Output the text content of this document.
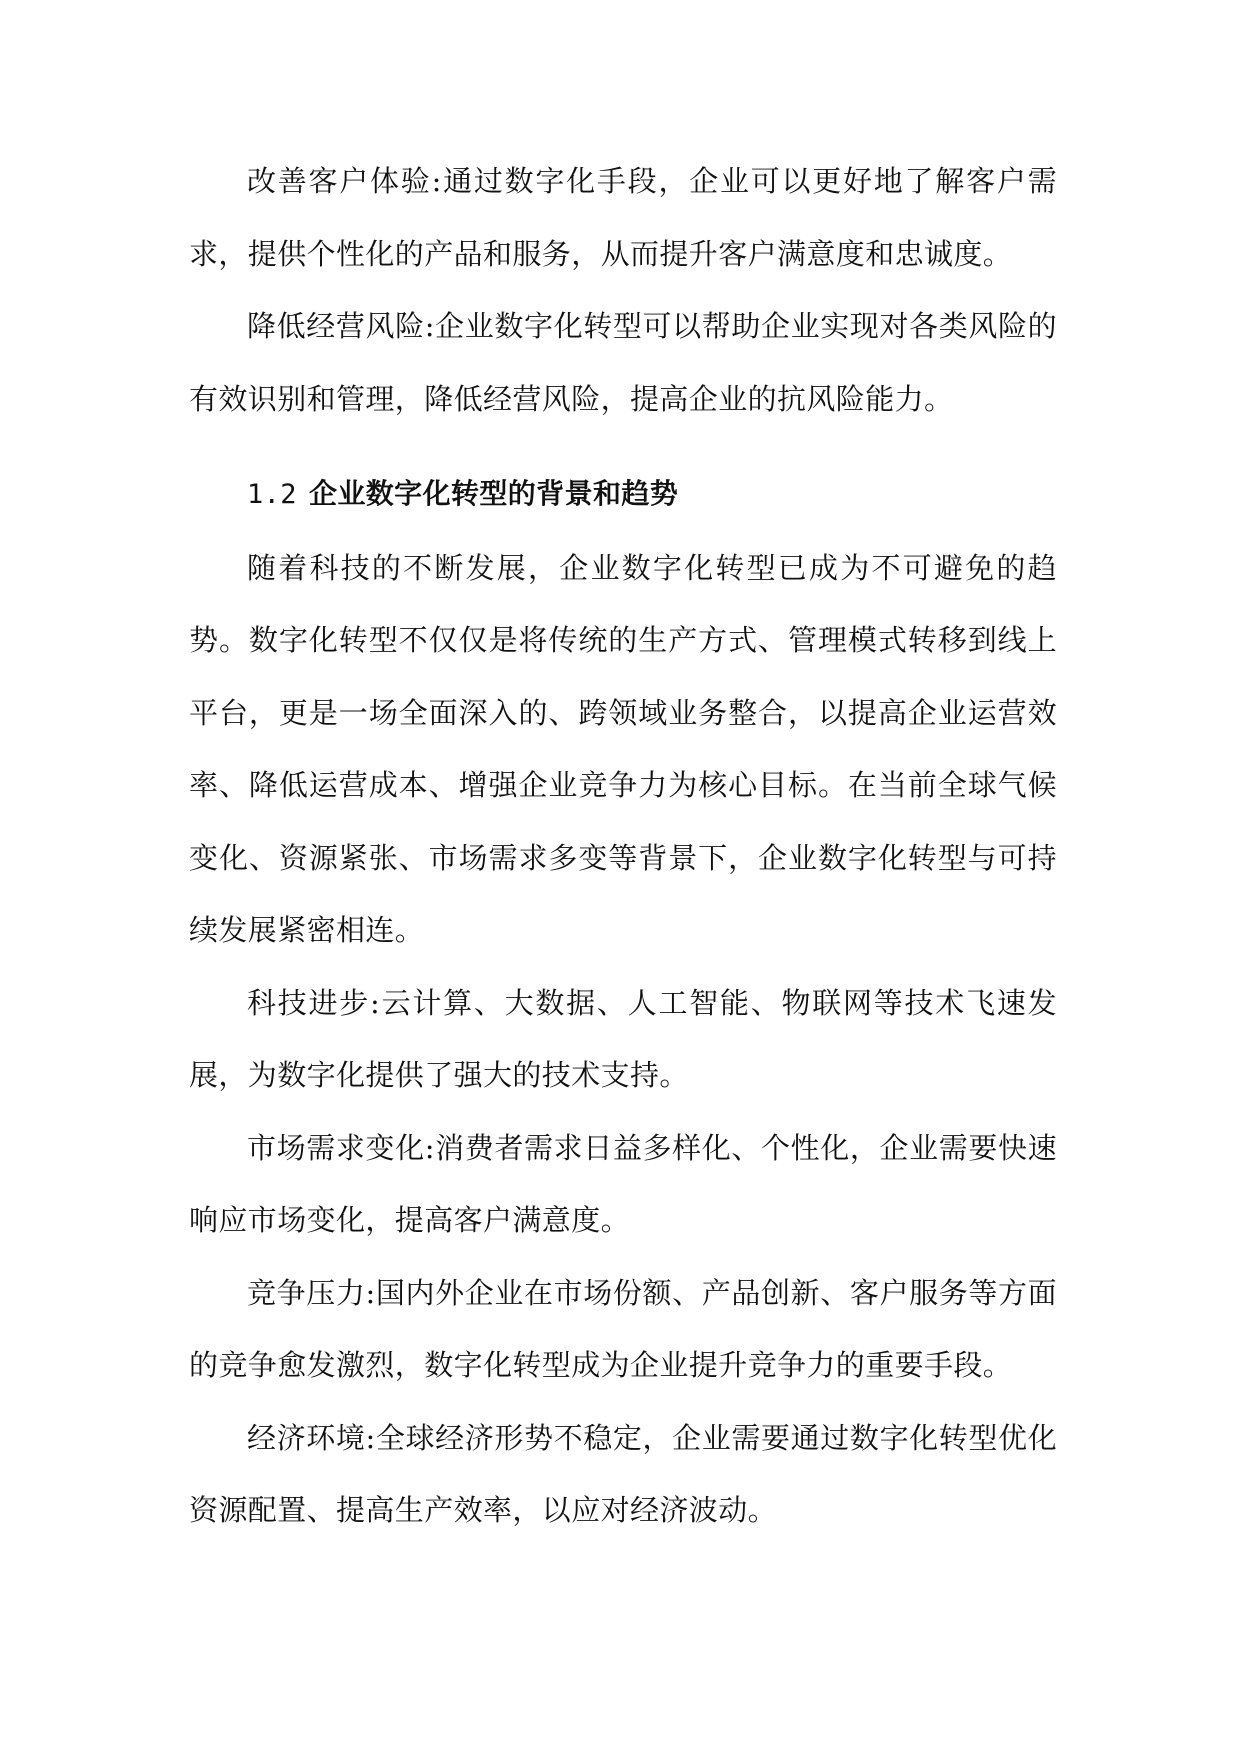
改善客户体验:通过数字化手段，企业可以更好地了解客户需求，提供个性化的产品和服务，从而提升客户满意度和忠诚度。

降低经营风险:企业数字化转型可以帮助企业实现对各类风险的有效识别和管理，降低经营风险，提高企业的抗风险能力。

1.2 企业数字化转型的背景和趋势

随着科技的不断发展，企业数字化转型已成为不可避免的趋势。数字化转型不仅仅是将传统的生产方式、管理模式转移到线上平台，更是一场全面深入的、跨领域业务整合，以提高企业运营效率、降低运营成本、增强企业竞争力为核心目标。在当前全球气候变化、资源紧张、市场需求多变等背景下，企业数字化转型与可持续发展紧密相连。

科技进步:云计算、大数据、人工智能、物联网等技术飞速发展，为数字化提供了强大的技术支持。

市场需求变化:消费者需求日益多样化、个性化，企业需要快速响应市场变化，提高客户满意度。

竞争压力:国内外企业在市场份额、产品创新、客户服务等方面的竞争愈发激烈，数字化转型成为企业提升竞争力的重要手段。

经济环境:全球经济形势不稳定，企业需要通过数字化转型优化资源配置、提高生产效率，以应对经济波动。
